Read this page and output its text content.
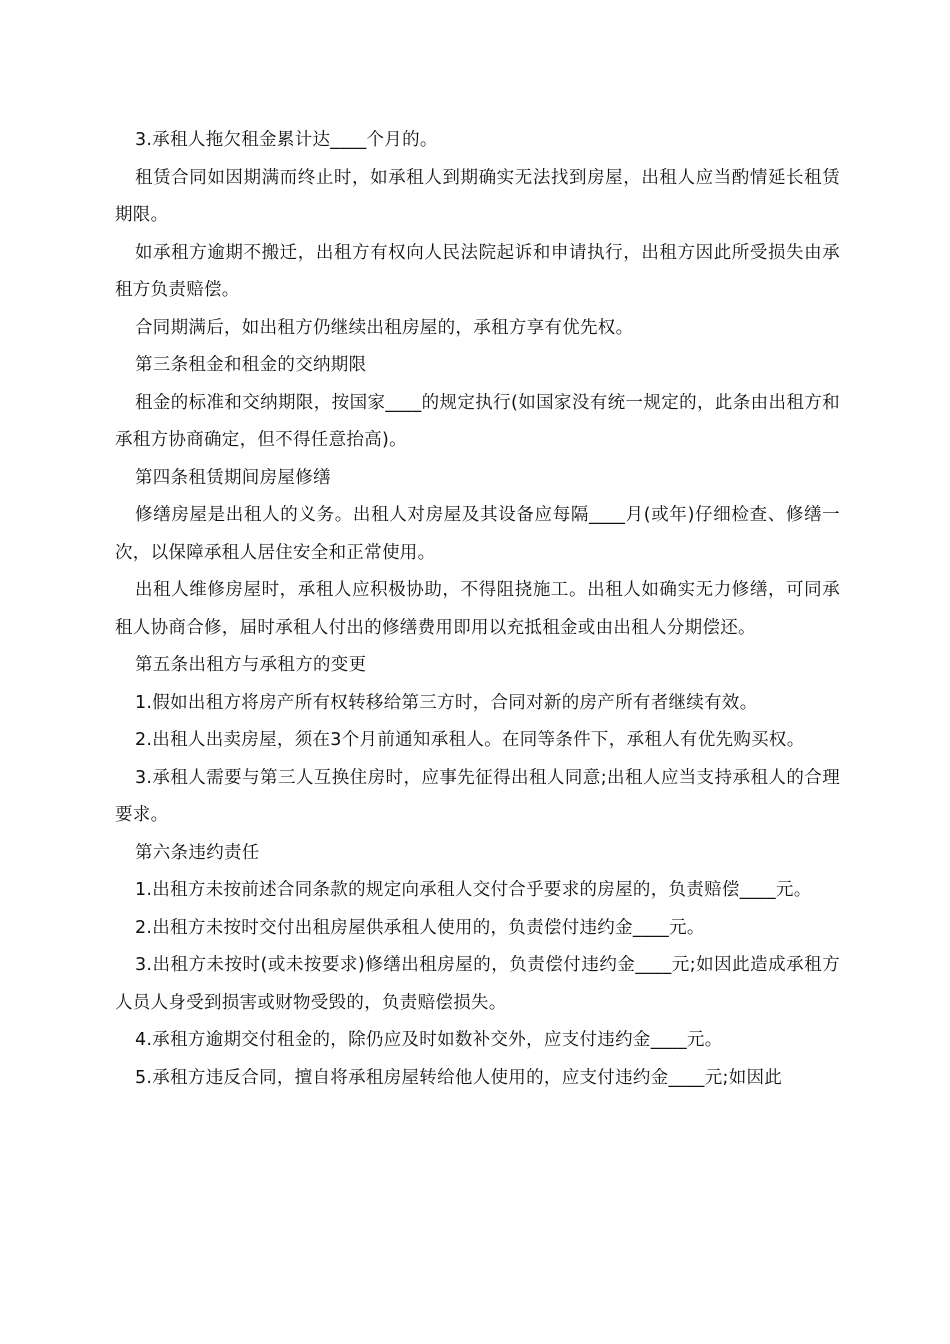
3.承租人拖欠租金累计达____个月的。

租赁合同如因期满而终止时，如承租人到期确实无法找到房屋，出租人应当酌情延长租赁期限。

如承租方逾期不搬迁，出租方有权向人民法院起诉和申请执行，出租方因此所受损失由承租方负责赔偿。

合同期满后，如出租方仍继续出租房屋的，承租方享有优先权。

第三条租金和租金的交纳期限

租金的标准和交纳期限，按国家____的规定执行(如国家没有统一规定的，此条由出租方和承租方协商确定，但不得任意抬高)。

第四条租赁期间房屋修缮

修缮房屋是出租人的义务。出租人对房屋及其设备应每隔____月(或年)仔细检查、修缮一次，以保障承租人居住安全和正常使用。

出租人维修房屋时，承租人应积极协助，不得阻挠施工。出租人如确实无力修缮，可同承租人协商合修，届时承租人付出的修缮费用即用以充抵租金或由出租人分期偿还。

第五条出租方与承租方的变更

1.假如出租方将房产所有权转移给第三方时，合同对新的房产所有者继续有效。

2.出租人出卖房屋，须在3个月前通知承租人。在同等条件下，承租人有优先购买权。

3.承租人需要与第三人互换住房时，应事先征得出租人同意;出租人应当支持承租人的合理要求。

第六条违约责任

1.出租方未按前述合同条款的规定向承租人交付合乎要求的房屋的，负责赔偿____元。

2.出租方未按时交付出租房屋供承租人使用的，负责偿付违约金____元。

3.出租方未按时(或未按要求)修缮出租房屋的，负责偿付违约金____元;如因此造成承租方人员人身受到损害或财物受毁的，负责赔偿损失。

4.承租方逾期交付租金的，除仍应及时如数补交外，应支付违约金____元。

5.承租方违反合同，擅自将承租房屋转给他人使用的，应支付违约金____元;如因此
